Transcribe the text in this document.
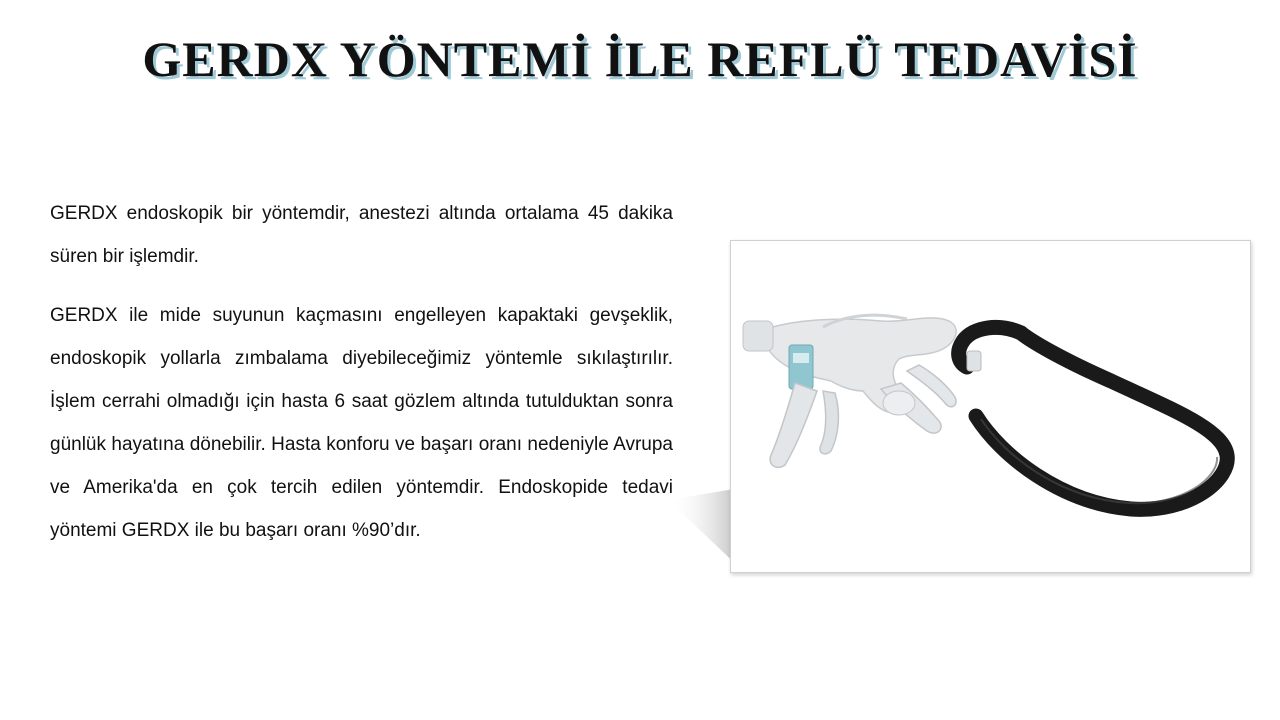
GERDX YÖNTEMİ İLE REFLÜ TEDAVİSİ

GERDX endoskopik bir yöntemdir, anestezi altında ortalama 45 dakika süren bir işlemdir.

GERDX ile mide suyunun kaçmasını engelleyen kapaktaki gevşeklik, endoskopik yollarla zımbalama diyebileceğimiz yöntemle sıkılaştırılır. İşlem cerrahi olmadığı için hasta 6 saat gözlem altında tutulduktan sonra günlük hayatına dönebilir. Hasta konforu ve başarı oranı nedeniyle Avrupa ve Amerika'da en çok tercih edilen yöntemdir. Endoskopide tedavi yöntemi GERDX ile bu başarı oranı %90’dır.
